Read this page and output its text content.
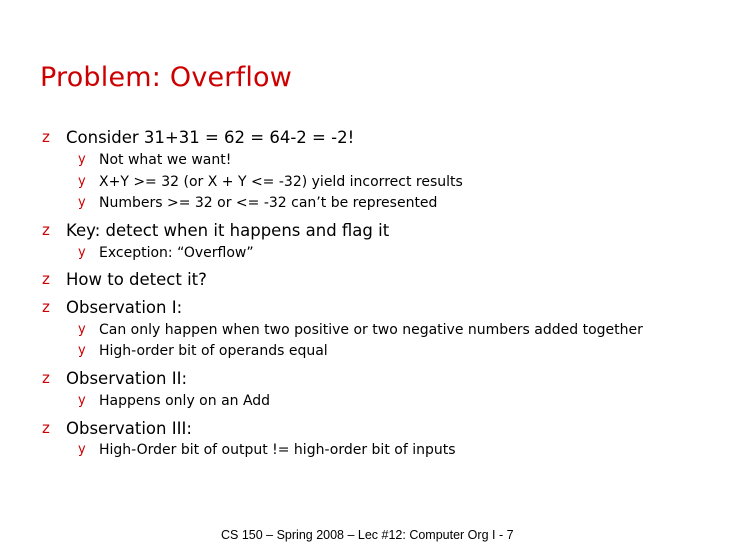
Problem: Overflow
z Consider 31+31 = 62 = 64-2 = -2!
y Not what we want!
y X+Y >= 32 (or X + Y <= -32) yield incorrect results
y Numbers >= 32 or <= -32 can’t be represented
z Key: detect when it happens and flag it
y Exception: “Overflow”
z How to detect it?
z Observation I:
y Can only happen when two positive or two negative numbers added together
y High-order bit of operands equal
z Observation II:
y Happens only on an Add
z Observation III:
y High-Order bit of output != high-order bit of inputs
CS 150 – Spring 2008 – Lec #12: Computer Org I - 7
